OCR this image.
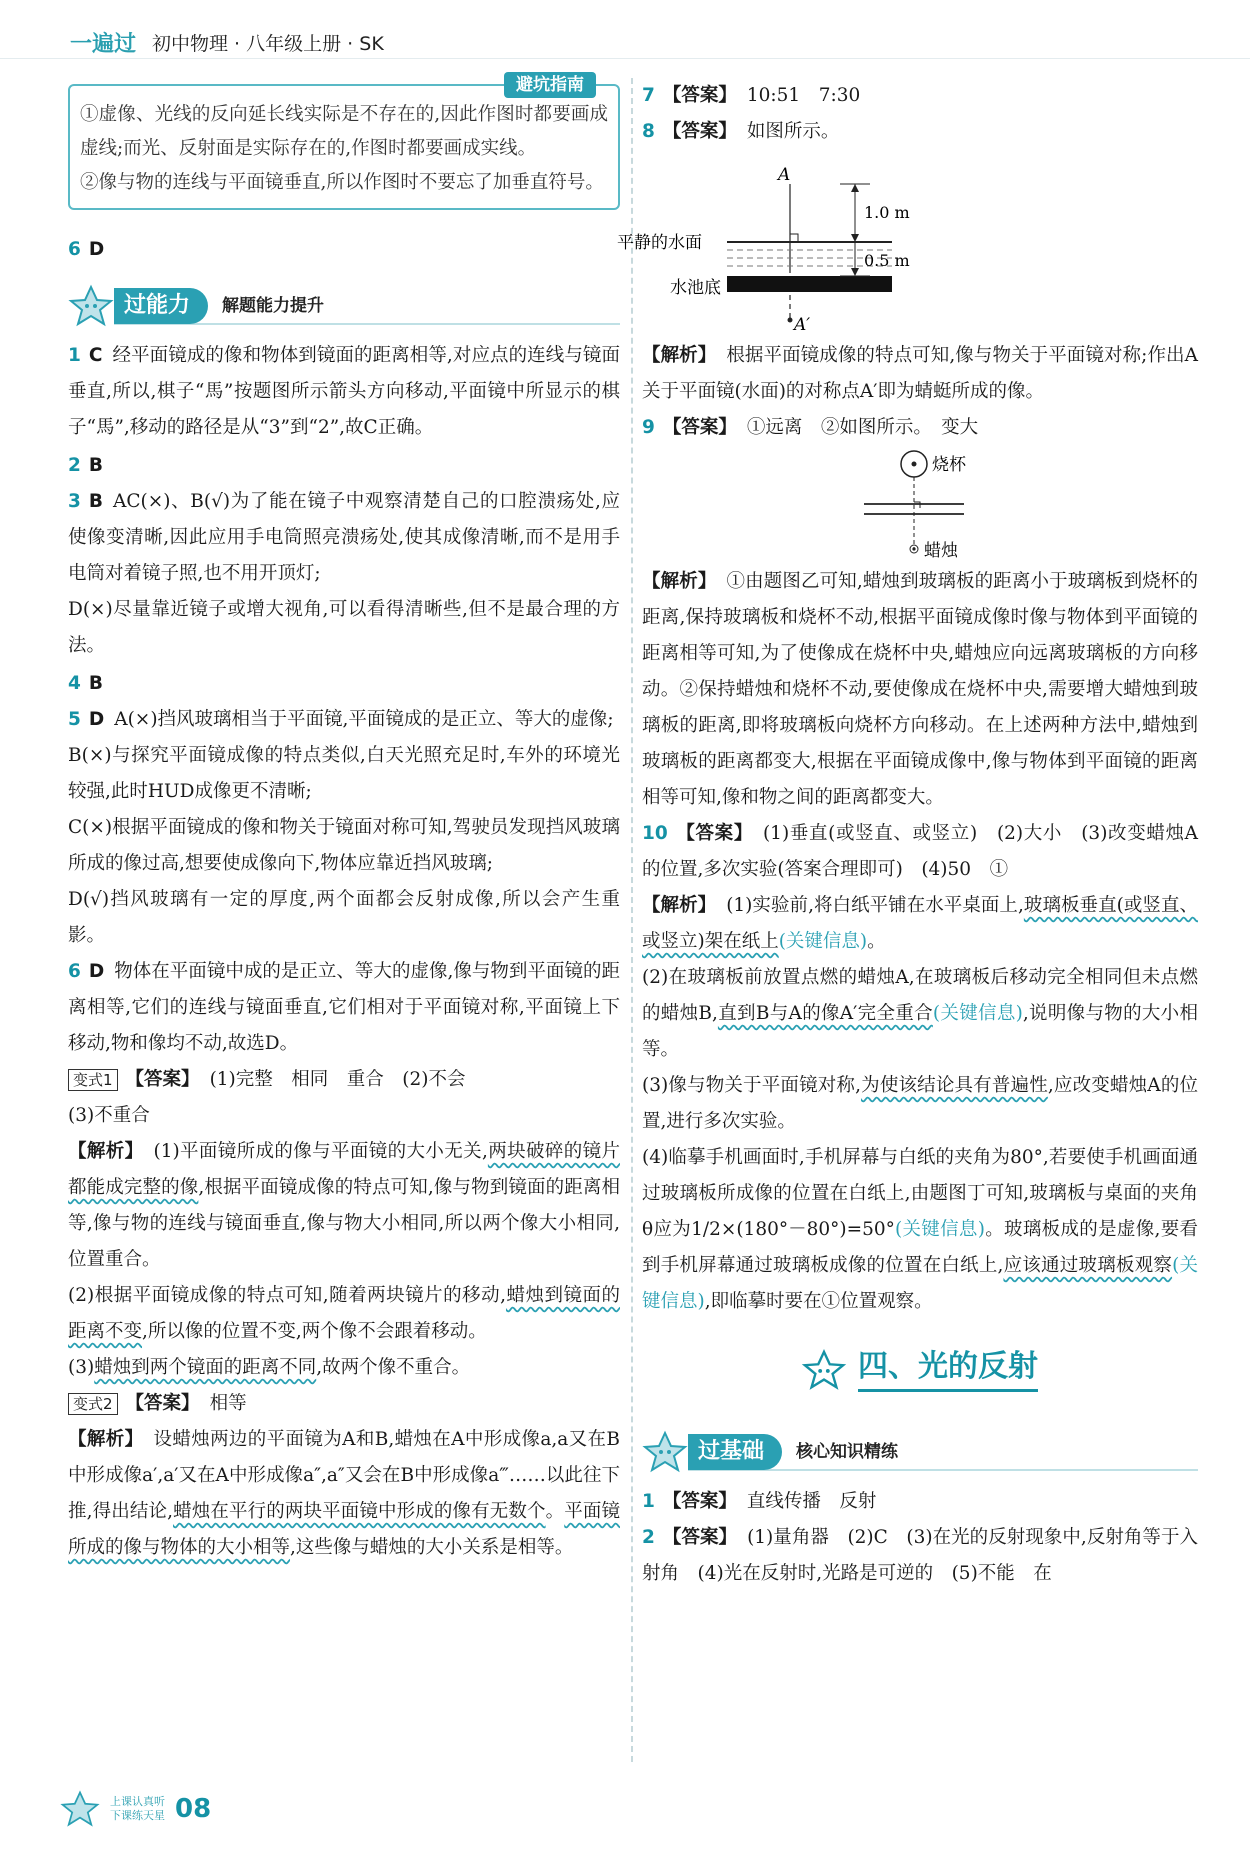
一遍过 初中物理 · 八年级上册 · SK
避坑指南

①虚像、光线的反向延长线实际是不存在的,因此作图时都要画成虚线;而光、反射面是实际存在的,作图时都要画成实线。

②像与物的连线与平面镜垂直,所以作图时不要忘了加垂直符号。

6 D

过能力	解题能力提升

1 C 经平面镜成的像和物体到镜面的距离相等,对应点的连线与镜面垂直,所以,棋子“馬”按题图所示箭头方向移动,平面镜中所显示的棋子“馬”,移动的路径是从“3”到“2”,故C正确。

2 B

3 B AC(×)、B(√)为了能在镜子中观察清楚自己的口腔溃疡处,应使像变清晰,因此应用手电筒照亮溃疡处,使其成像清晰,而不是用手电筒对着镜子照,也不用开顶灯;

D(×)尽量靠近镜子或增大视角,可以看得清晰些,但不是最合理的方法。

4 B

5 D A(×)挡风玻璃相当于平面镜,平面镜成的是正立、等大的虚像;

B(×)与探究平面镜成像的特点类似,白天光照充足时,车外的环境光较强,此时HUD成像更不清晰;

C(×)根据平面镜成的像和物关于镜面对称可知,驾驶员发现挡风玻璃所成的像过高,想要使成像向下,物体应靠近挡风玻璃;

D(√)挡风玻璃有一定的厚度,两个面都会反射成像,所以会产生重影。

6 D 物体在平面镜中成的是正立、等大的虚像,像与物到平面镜的距离相等,它们的连线与镜面垂直,它们相对于平面镜对称,平面镜上下移动,物和像均不动,故选D。

变式1 【答案】 (1)完整　相同　重合　(2)不会

(3)不重合

【解析】 (1)平面镜所成的像与平面镜的大小无关,两块破碎的镜片都能成完整的像,根据平面镜成像的特点可知,像与物到镜面的距离相等,像与物的连线与镜面垂直,像与物大小相同,所以两个像大小相同,位置重合。

(2)根据平面镜成像的特点可知,随着两块镜片的移动,蜡烛到镜面的距离不变,所以像的位置不变,两个像不会跟着移动。

(3)蜡烛到两个镜面的距离不同,故两个像不重合。

变式2 【答案】 相等

【解析】 设蜡烛两边的平面镜为A和B,蜡烛在A中形成像a,a又在B中形成像a′,a′又在A中形成像a″,a″又会在B中形成像a‴……以此往下推,得出结论,蜡烛在平行的两块平面镜中形成的像有无数个。平面镜所成的像与物体的大小相等,这些像与蜡烛的大小关系是相等。

7 【答案】 10:51　7:30

8 【答案】 如图所示。

A
A′
平静的水面
水池底
1.0 m
0.5 m

【解析】 根据平面镜成像的特点可知,像与物关于平面镜对称;作出A关于平面镜(水面)的对称点A′即为蜻蜓所成的像。

9 【答案】 ①远离　②如图所示。　变大

烧杯
蜡烛

【解析】 ①由题图乙可知,蜡烛到玻璃板的距离小于玻璃板到烧杯的距离,保持玻璃板和烧杯不动,根据平面镜成像时像与物体到平面镜的距离相等可知,为了使像成在烧杯中央,蜡烛应向远离玻璃板的方向移动。②保持蜡烛和烧杯不动,要使像成在烧杯中央,需要增大蜡烛到玻璃板的距离,即将玻璃板向烧杯方向移动。在上述两种方法中,蜡烛到玻璃板的距离都变大,根据在平面镜成像中,像与物体到平面镜的距离相等可知,像和物之间的距离都变大。

10 【答案】 (1)垂直(或竖直、或竖立)　(2)大小　(3)改变蜡烛A的位置,多次实验(答案合理即可)　(4)50　①

【解析】 (1)实验前,将白纸平铺在水平桌面上,玻璃板垂直(或竖直、或竖立)架在纸上(关键信息)。

(2)在玻璃板前放置点燃的蜡烛A,在玻璃板后移动完全相同但未点燃的蜡烛B,直到B与A的像A′完全重合(关键信息),说明像与物的大小相等。

(3)像与物关于平面镜对称,为使该结论具有普遍性,应改变蜡烛A的位置,进行多次实验。

(4)临摹手机画面时,手机屏幕与白纸的夹角为80°,若要使手机画面通过玻璃板所成像的位置在白纸上,由题图丁可知,玻璃板与桌面的夹角θ应为1/2×(180°－80°)=50°(关键信息)。玻璃板成的是虚像,要看到手机屏幕通过玻璃板成像的位置在白纸上,应该通过玻璃板观察(关键信息),即临摹时要在①位置观察。

四、光的反射
过基础	核心知识精练

1 【答案】 直线传播　反射

2 【答案】 (1)量角器　(2)C　(3)在光的反射现象中,反射角等于入射角　(4)光在反射时,光路是可逆的　(5)不能　在

上课认真听
下课练天星 08
